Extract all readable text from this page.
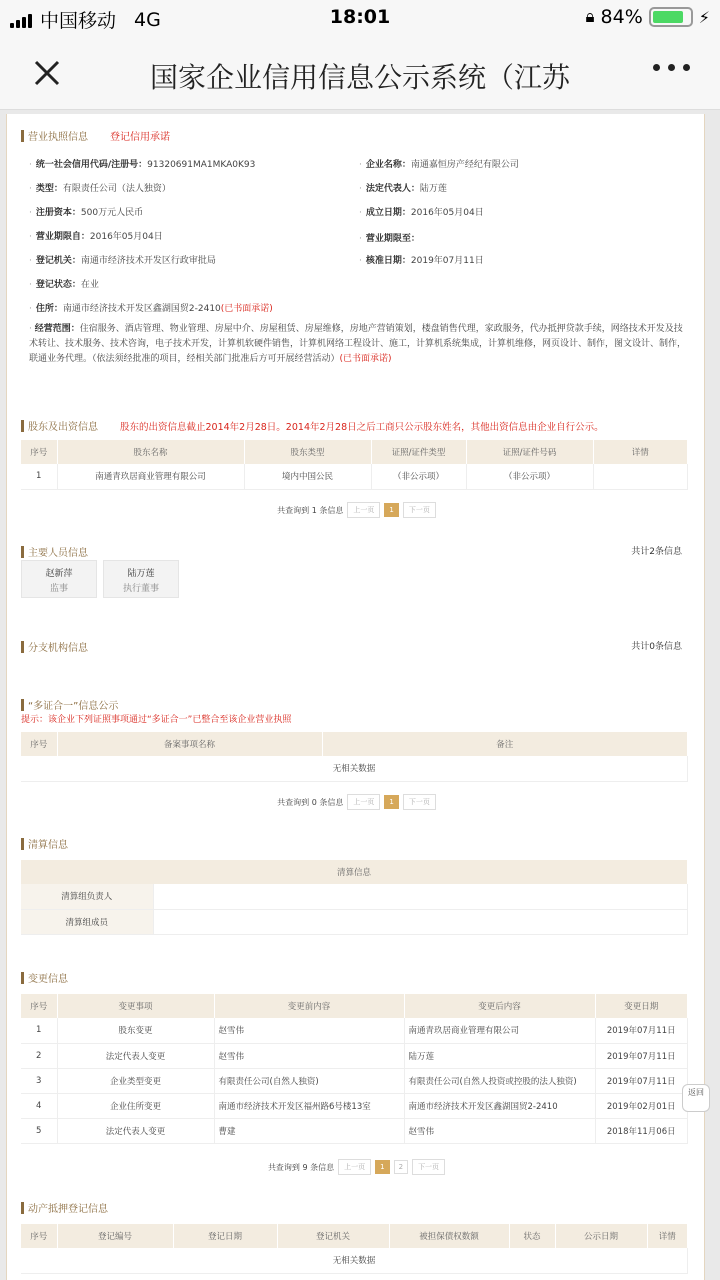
中国移动 4G	18:01	🔒︎ 84%	⚡
国家企业信用信息公示系统（江苏
营业执照信息 登记信用承诺
· 统一社会信用代码/注册号：91320691MA1MKA0K93	· 企业名称：南通嘉恒房产经纪有限公司
· 类型：有限责任公司（法人独资）	· 法定代表人：陆万莲
· 注册资本：500万元人民币	· 成立日期：2016年05月04日
· 营业期限自：2016年05月04日	· 营业期限至：
· 登记机关：南通市经济技术开发区行政审批局	· 核准日期：2019年07月11日
· 登记状态：在业
· 住所：南通市经济技术开发区鑫湖国贸2-2410(已书面承诺)
· 经营范围：住宿服务、酒店管理、物业管理、房屋中介、房屋租赁、房屋维修，房地产营销策划，楼盘销售代理，家政服务，代办抵押贷款手续，网络技术开发及技术转让、技术服务、技术咨询，电子技术开发，计算机软硬件销售，计算机网络工程设计、施工，计算机系统集成，计算机维修，网页设计、制作，图文设计、制作，联通业务代理。（依法须经批准的项目，经相关部门批准后方可开展经营活动）(已书面承诺)
股东及出资信息 股东的出资信息截止2014年2月28日。2014年2月28日之后工商只公示股东姓名，其他出资信息由企业自行公示。
序号	股东名称	股东类型	证照/证件类型	证照/证件号码	详情
1	南通青玖居商业管理有限公司	境内中国公民	（非公示项）	（非公示项）	
共查询到 1 条信息	上一页	1	下一页
主要人员信息	共计2条信息
赵新萍
监事
陆万莲
执行董事
分支机构信息	共计0条信息
“多证合一”信息公示
提示：该企业下列证照事项通过“多证合一”已整合至该企业营业执照
序号	备案事项名称	备注
无相关数据
共查询到 0 条信息	上一页	1	下一页
清算信息
清算信息	
清算组负责人	
清算组成员	
变更信息
序号	变更事项	变更前内容	变更后内容	变更日期
1	股东变更	赵雪伟	南通青玖居商业管理有限公司	2019年07月11日
2	法定代表人变更	赵雪伟	陆万莲	2019年07月11日
3	企业类型变更	有限责任公司(自然人独资)	有限责任公司(自然人投资或控股的法人独资)	2019年07月11日
4	企业住所变更	南通市经济技术开发区福州路6号楼13室	南通市经济技术开发区鑫湖国贸2-2410	2019年02月01日
5	法定代表人变更	曹建	赵雪伟	2018年11月06日
共查询到 9 条信息	上一页	1	2	下一页
动产抵押登记信息
序号	登记编号	登记日期	登记机关	被担保债权数额	状态	公示日期	详情
无相关数据
返回
